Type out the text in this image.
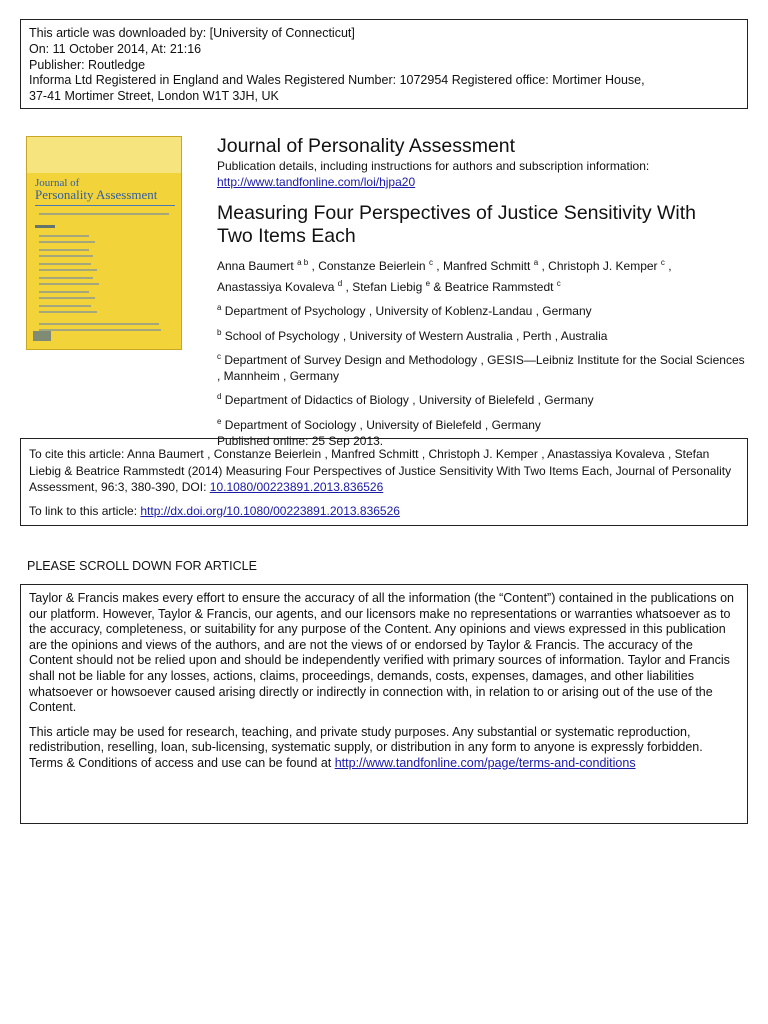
This article was downloaded by: [University of Connecticut]
On: 11 October 2014, At: 21:16
Publisher: Routledge
Informa Ltd Registered in England and Wales Registered Number: 1072954 Registered office: Mortimer House,
37-41 Mortimer Street, London W1T 3JH, UK
Journal of
Personality Assessment
Journal of Personality Assessment
Publication details, including instructions for authors and subscription information:
http://www.tandfonline.com/loi/hjpa20
Measuring Four Perspectives of Justice Sensitivity With
Two Items Each
Anna Baumert $^{a b}$ , Constanze Beierlein $^c$ , Manfred Schmitt $^a$ , Christoph J. Kemper $^c$ ,
Anastassiya Kovaleva $^d$ , Stefan Liebig $^e$ & Beatrice Rammstedt $^c$
$^a$ Department of Psychology , University of Koblenz-Landau , Germany
$^b$ School of Psychology , University of Western Australia , Perth , Australia
$^c$ Department of Survey Design and Methodology , GESIS—Leibniz Institute for the Social Sciences , Mannheim , Germany
$^d$ Department of Didactics of Biology , University of Bielefeld , Germany
$^e$ Department of Sociology , University of Bielefeld , Germany
Published online: 25 Sep 2013.
To cite this article: Anna Baumert , Constanze Beierlein , Manfred Schmitt , Christoph J. Kemper , Anastassiya Kovaleva , Stefan Liebig & Beatrice Rammstedt (2014) Measuring Four Perspectives of Justice Sensitivity With Two Items Each, Journal of Personality Assessment, 96:3, 380-390, DOI: 10.1080/00223891.2013.836526
To link to this article: http://dx.doi.org/10.1080/00223891.2013.836526
PLEASE SCROLL DOWN FOR ARTICLE

Taylor & Francis makes every effort to ensure the accuracy of all the information (the “Content”) contained in the publications on our platform. However, Taylor & Francis, our agents, and our licensors make no representations or warranties whatsoever as to the accuracy, completeness, or suitability for any purpose of the Content. Any opinions and views expressed in this publication are the opinions and views of the authors, and are not the views of or endorsed by Taylor & Francis. The accuracy of the Content should not be relied upon and should be independently verified with primary sources of information. Taylor and Francis shall not be liable for any losses, actions, claims, proceedings, demands, costs, expenses, damages, and other liabilities whatsoever or howsoever caused arising directly or indirectly in connection with, in relation to or arising out of the use of the Content.

This article may be used for research, teaching, and private study purposes. Any substantial or systematic reproduction, redistribution, reselling, loan, sub-licensing, systematic supply, or distribution in any form to anyone is expressly forbidden. Terms & Conditions of access and use can be found at http://www.tandfonline.com/page/terms-and-conditions
